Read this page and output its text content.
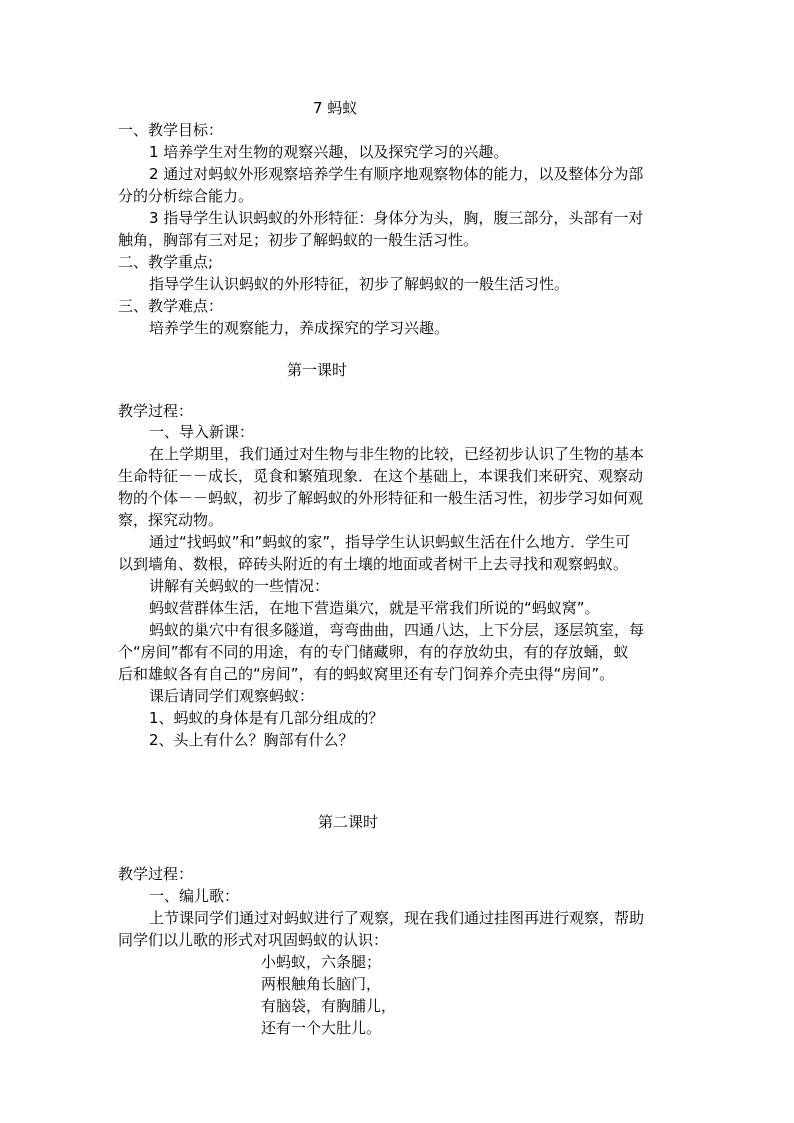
7 蚂蚁
一、教学目标：
1 培养学生对生物的观察兴趣，以及探究学习的兴趣。
2 通过对蚂蚁外形观察培养学生有顺序地观察物体的能力，以及整体分为部
分的分析综合能力。
3 指导学生认识蚂蚁的外形特征：身体分为头，胸，腹三部分，头部有一对
触角，胸部有三对足；初步了解蚂蚁的一般生活习性。
二、教学重点;
指导学生认识蚂蚁的外形特征，初步了解蚂蚁的一般生活习性。
三、教学难点：
培养学生的观察能力，养成探究的学习兴趣。
第一课时
教学过程：
一、导入新课：
在上学期里，我们通过对生物与非生物的比较，已经初步认识了生物的基本
生命特征－－成长，觅食和繁殖现象．在这个基础上，本课我们来研究、观察动
物的个体－－蚂蚁，初步了解蚂蚁的外形特征和一般生活习性，初步学习如何观
察，探究动物。
通过“找蚂蚁”和”蚂蚁的家”，指导学生认识蚂蚁生活在什么地方．学生可
以到墙角、数根，碎砖头附近的有土壤的地面或者树干上去寻找和观察蚂蚁。
讲解有关蚂蚁的一些情况：
蚂蚁营群体生活，在地下营造巢穴，就是平常我们所说的“蚂蚁窝”。
蚂蚁的巢穴中有很多隧道，弯弯曲曲，四通八达，上下分层，逐层筑室，每
个“房间”都有不同的用途，有的专门储藏卵，有的存放幼虫，有的存放蛹，蚁
后和雄蚁各有自己的“房间”，有的蚂蚁窝里还有专门饲养介壳虫得“房间”。
课后请同学们观察蚂蚁：
1、蚂蚁的身体是有几部分组成的？
2、头上有什么？胸部有什么？
第二课时
教学过程：
一、编儿歌：
上节课同学们通过对蚂蚁进行了观察，现在我们通过挂图再进行观察，帮助
同学们以儿歌的形式对巩固蚂蚁的认识：
小蚂蚁，六条腿；
两根触角长脑门，
有脑袋，有胸脯儿，
还有一个大肚儿。
